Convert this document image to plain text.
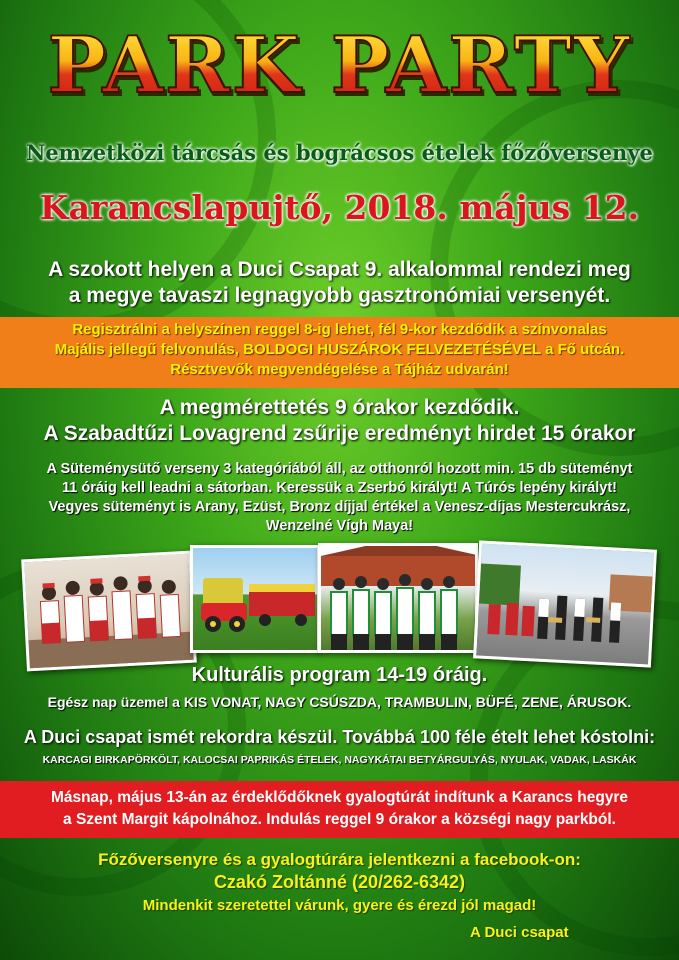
PARK PARTY
Nemzetközi tárcsás és bográcsos ételek főzőversenye
Karancslapujtő, 2018. május 12.
A szokott helyen a Duci Csapat 9. alkalommal rendezi meg
a megye tavaszi legnagyobb gasztronómiai versenyét.
Regisztrálni a helyszínen reggel 8-ig lehet, fél 9-kor kezdődik a színvonalas
Majális jellegű felvonulás, BOLDOGI HUSZÁROK FELVEZETÉSÉVEL a Fő utcán.
Résztvevők megvendégelése a Tájház udvarán!
A megmérettetés 9 órakor kezdődik.
A Szabadtűzi Lovagrend zsűrije eredményt hirdet 15 órakor
A Süteménysütő verseny 3 kategóriából áll, az otthonról hozott min. 15 db süteményt
11 óráig kell leadni a sátorban. Keressük a Zserbó királyt! A Túrós lepény királyt!
Vegyes süteményt is Arany, Ezüst, Bronz díjjal értékel a Venesz-díjas Mestercukrász,
Wenzelné Vígh Maya!
Kulturális program 14-19 óráig.
Egész nap üzemel a KIS VONAT, NAGY CSÚSZDA, TRAMBULIN, BÜFÉ, ZENE, ÁRUSOK.
A Duci csapat ismét rekordra készül. Továbbá 100 féle ételt lehet kóstolni:
KARCAGI BIRKAPÖRKÖLT, KALOCSAI PAPRIKÁS ÉTELEK, NAGYKÁTAI BETYÁRGULYÁS, NYULAK, VADAK, LASKÁK
Másnap, május 13-án az érdeklődőknek gyalogtúrát indítunk a Karancs hegyre
a Szent Margit kápolnához. Indulás reggel 9 órakor a községi nagy parkból.
Főzőversenyre és a gyalogtúrára jelentkezni a facebook-on:
Czakó Zoltánné (20/262-6342)
Mindenkit szeretettel várunk, gyere és érezd jól magad!
A Duci csapat
